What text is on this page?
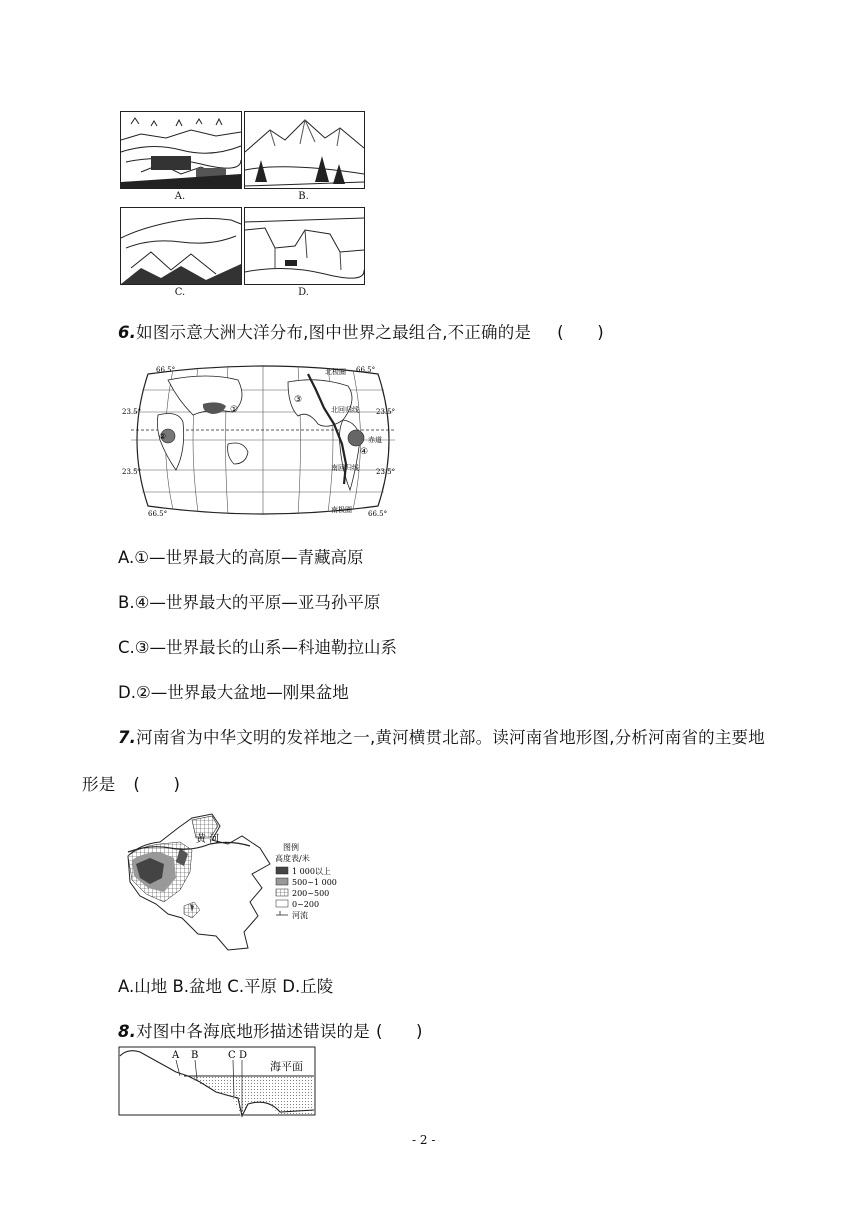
A.	B.
C.	D.
6.如图示意大洲大洋分布,图中世界之最组合,不正确的是 (　　)
①
②
③
④
66.5°	66.5°
23.5°	23.5°
23.5°	23.5°
66.5°	66.5°
北极圈
北回归线
赤道
南回归线
南极圈
A.①—世界最大的高原—青藏高原
B.④—世界最大的平原—亚马孙平原
C.③—世界最长的山系—科迪勒拉山系
D.②—世界最大盆地—刚果盆地
7.河南省为中华文明的发祥地之一,黄河横贯北部。读河南省地形图,分析河南省的主要地
形是 (　　)
黄 河
图例
高度表/米
1 000以上
500~1 000
200~500
0~200
河流
A.山地 B.盆地 C.平原 D.丘陵
8.对图中各海底地形描述错误的是 (　　)
A B	C D
海平面
- 2 -
